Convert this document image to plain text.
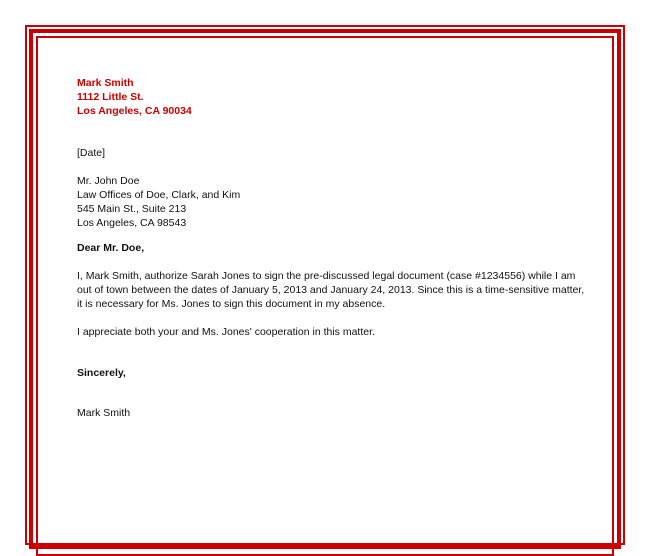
Mark Smith
1112 Little St.
Los Angeles, CA 90034
[Date]
Mr. John Doe
Law Offices of Doe, Clark, and Kim
545 Main St., Suite 213
Los Angeles, CA 98543
Dear Mr. Doe,
I, Mark Smith, authorize Sarah Jones to sign the pre-discussed legal document (case #1234556) while I am out of town between the dates of January 5, 2013 and January 24, 2013. Since this is a time-sensitive matter, it is necessary for Ms. Jones to sign this document in my absence.
I appreciate both your and Ms. Jones' cooperation in this matter.
Sincerely,
Mark Smith
